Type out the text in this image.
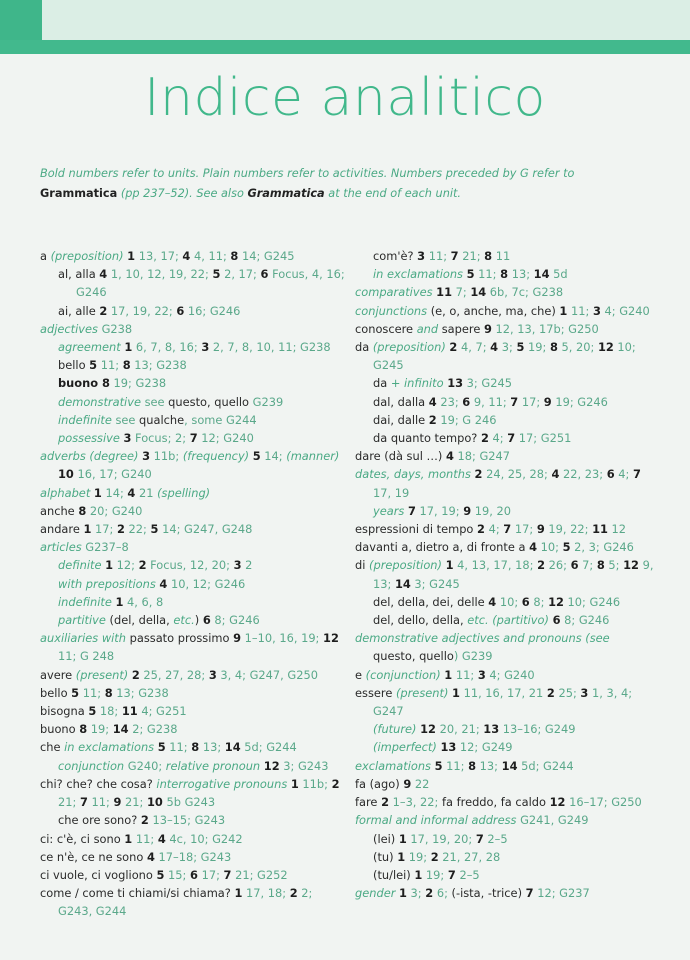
Indice analitico
Bold numbers refer to units. Plain numbers refer to activities. Numbers preceded by G refer to Grammatica (pp 237–52). See also Grammatica at the end of each unit.
a (preposition) 1 13, 17; 4 4, 11; 8 14; G245
al, alla 4 1, 10, 12, 19, 22; 5 2, 17; 6 Focus, 4, 16; G246
ai, alle 2 17, 19, 22; 6 16; G246
adjectives G238
agreement 1 6, 7, 8, 16; 3 2, 7, 8, 10, 11; G238
bello 5 11; 8 13; G238
buono 8 19; G238
demonstrative see questo, quello G239
indefinite see qualche, some G244
possessive 3 Focus; 2; 7 12; G240
adverbs (degree) 3 11b; (frequency) 5 14; (manner) 10 16, 17; G240
alphabet 1 14; 4 21 (spelling)
anche 8 20; G240
andare 1 17; 2 22; 5 14; G247, G248
articles G237–8
definite 1 12; 2 Focus, 12, 20; 3 2
with prepositions 4 10, 12; G246
indefinite 1 4, 6, 8
partitive (del, della, etc.) 6 8; G246
auxiliaries with passato prossimo 9 1–10, 16, 19; 12 11; G 248
avere (present) 2 25, 27, 28; 3 3, 4; G247, G250
bello 5 11; 8 13; G238
bisogna 5 18; 11 4; G251
buono 8 19; 14 2; G238
che in exclamations 5 11; 8 13; 14 5d; G244
conjunction G240; relative pronoun 12 3; G243
chi? che? che cosa? interrogative pronouns 1 11b; 2 21; 7 11; 9 21; 10 5b G243
che ore sono? 2 13–15; G243
ci: c'è, ci sono 1 11; 4 4c, 10; G242
ce n'è, ce ne sono 4 17–18; G243
ci vuole, ci vogliono 5 15; 6 17; 7 21; G252
come / come ti chiami/si chiama? 1 17, 18; 2 2; G243, G244
com'è? 3 11; 7 21; 8 11
in exclamations 5 11; 8 13; 14 5d
comparatives 11 7; 14 6b, 7c; G238
conjunctions (e, o, anche, ma, che) 1 11; 3 4; G240
conoscere and sapere 9 12, 13, 17b; G250
da (preposition) 2 4, 7; 4 3; 5 19; 8 5, 20; 12 10; G245
da + infinito 13 3; G245
dal, dalla 4 23; 6 9, 11; 7 17; 9 19; G246
dai, dalle 2 19; G 246
da quanto tempo? 2 4; 7 17; G251
dare (dà sul …) 4 18; G247
dates, days, months 2 24, 25, 28; 4 22, 23; 6 4; 7 17, 19
years 7 17, 19; 9 19, 20
espressioni di tempo 2 4; 7 17; 9 19, 22; 11 12
davanti a, dietro a, di fronte a 4 10; 5 2, 3; G246
di (preposition) 1 4, 13, 17, 18; 2 26; 6 7; 8 5; 12 9, 13; 14 3; G245
del, della, dei, delle 4 10; 6 8; 12 10; G246
del, dello, della, etc. (partitivo) 6 8; G246
demonstrative adjectives and pronouns (see questo, quello) G239
e (conjunction) 1 11; 3 4; G240
essere (present) 1 11, 16, 17, 21 2 25; 3 1, 3, 4; G247
(future) 12 20, 21; 13 13–16; G249
(imperfect) 13 12; G249
exclamations 5 11; 8 13; 14 5d; G244
fa (ago) 9 22
fare 2 1–3, 22; fa freddo, fa caldo 12 16–17; G250
formal and informal address G241, G249
(lei) 1 17, 19, 20; 7 2–5
(tu) 1 19; 2 21, 27, 28
(tu/lei) 1 19; 7 2–5
gender 1 3; 2 6; (-ista, -trice) 7 12; G237
